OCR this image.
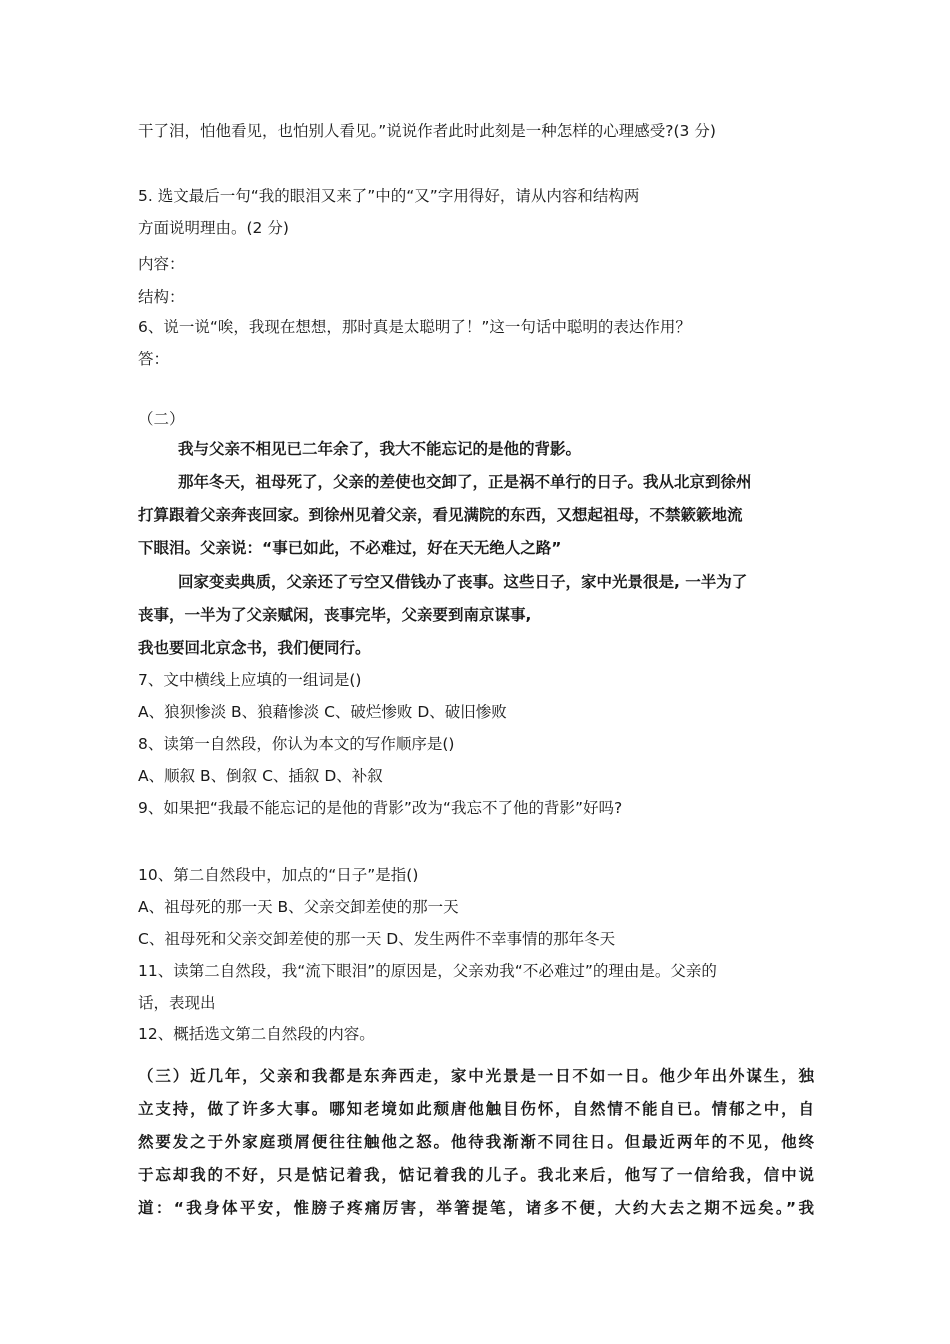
干了泪，怕他看见，也怕别人看见。”说说作者此时此刻是一种怎样的心理感受?(3 分)
5. 选文最后一句“我的眼泪又来了”中的“又”字用得好，请从内容和结构两
方面说明理由。(2 分)
内容：
结构：
6、说一说“唉，我现在想想，那时真是太聪明了！”这一句话中聪明的表达作用？
答：
（二）
我与父亲不相见已二年余了，我大不能忘记的是他的背影。
那年冬天，祖母死了，父亲的差使也交卸了，正是祸不单行的日子。我从北京到徐州
打算跟着父亲奔丧回家。到徐州见着父亲，看见满院的东西，又想起祖母，不禁簌簌地流
下眼泪。父亲说：“事已如此，不必难过，好在天无绝人之路”
回家变卖典质，父亲还了亏空又借钱办了丧事。这些日子，家中光景很是, 一半为了
丧事，一半为了父亲赋闲，丧事完毕，父亲要到南京谋事,
我也要回北京念书，我们便同行。
7、文中横线上应填的一组词是()
A、狼狈惨淡 B、狼藉惨淡 C、破烂惨败 D、破旧惨败
8、读第一自然段，你认为本文的写作顺序是()
A、顺叙 B、倒叙 C、插叙 D、补叙
9、如果把“我最不能忘记的是他的背影”改为“我忘不了他的背影”好吗?
10、第二自然段中，加点的“日子”是指()
A、祖母死的那一天 B、父亲交卸差使的那一天
C、祖母死和父亲交卸差使的那一天 D、发生两件不幸事情的那年冬天
11、读第二自然段，我“流下眼泪”的原因是，父亲劝我“不必难过”的理由是。父亲的
话，表现出
12、概括选文第二自然段的内容。
（三）近几年，父亲和我都是东奔西走，家中光景是一日不如一日。他少年出外谋生，独
立支持，做了许多大事。哪知老境如此颓唐他触目伤怀，自然情不能自已。情郁之中，自
然要发之于外家庭琐屑便往往触他之怒。他待我渐渐不同往日。但最近两年的不见，他终
于忘却我的不好，只是惦记着我，惦记着我的儿子。我北来后，他写了一信给我，信中说
道：“我身体平安，惟膀子疼痛厉害，举箸提笔，诸多不便，大约大去之期不远矣。”我
